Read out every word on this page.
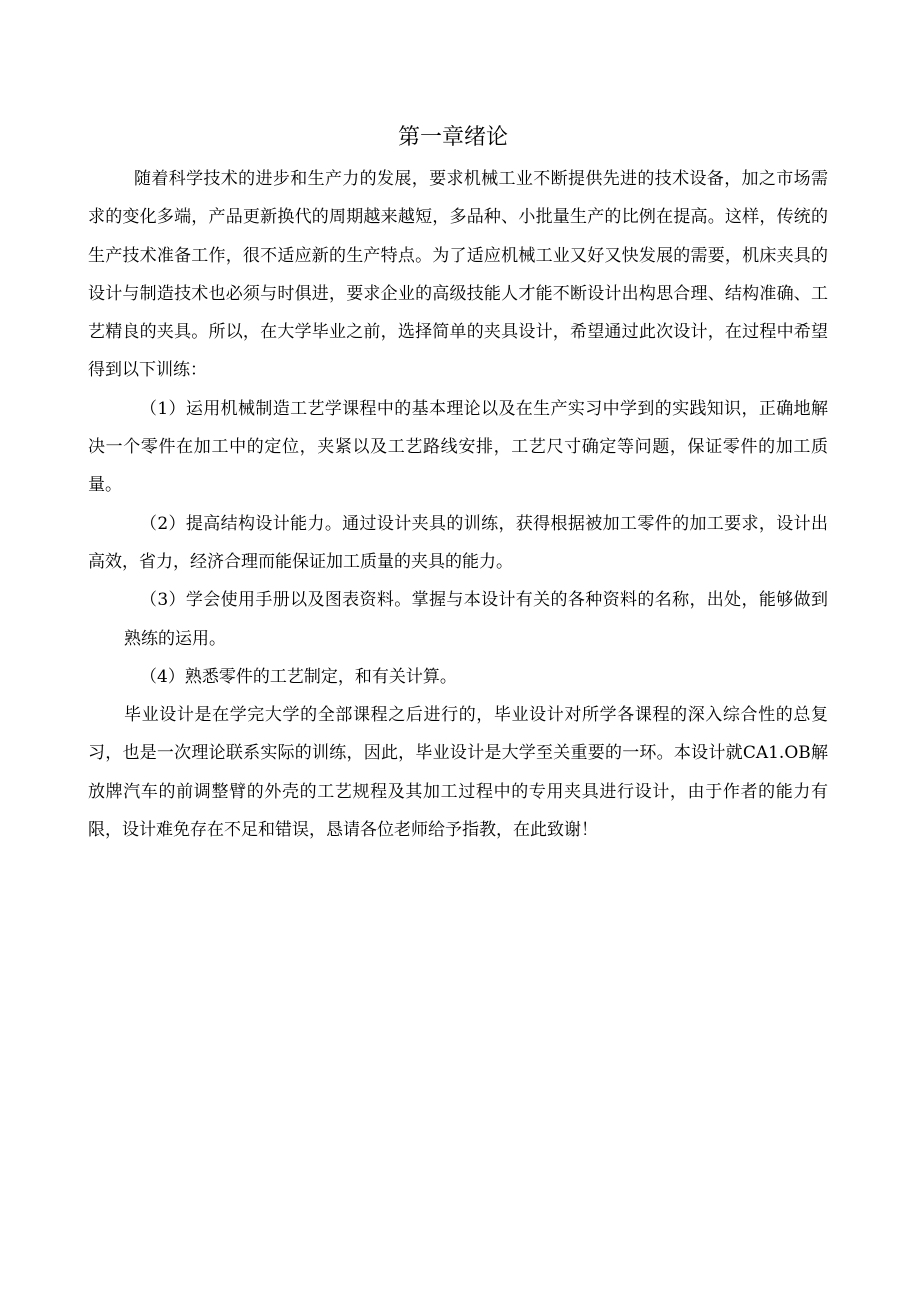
第一章绪论

随着科学技术的进步和生产力的发展，要求机械工业不断提供先进的技术设备，加之市场需求的变化多端，产品更新换代的周期越来越短，多品种、小批量生产的比例在提高。这样，传统的生产技术准备工作，很不适应新的生产特点。为了适应机械工业又好又快发展的需要，机床夹具的设计与制造技术也必须与时俱进，要求企业的高级技能人才能不断设计出构思合理、结构准确、工艺精良的夹具。所以，在大学毕业之前，选择简单的夹具设计，希望通过此次设计，在过程中希望得到以下训练：

（1）运用机械制造工艺学课程中的基本理论以及在生产实习中学到的实践知识，正确地解决一个零件在加工中的定位，夹紧以及工艺路线安排，工艺尺寸确定等问题，保证零件的加工质量。

（2）提高结构设计能力。通过设计夹具的训练，获得根据被加工零件的加工要求，设计出高效，省力，经济合理而能保证加工质量的夹具的能力。

（3）学会使用手册以及图表资料。掌握与本设计有关的各种资料的名称，出处，能够做到熟练的运用。

（4）熟悉零件的工艺制定，和有关计算。

毕业设计是在学完大学的全部课程之后进行的，毕业设计对所学各课程的深入综合性的总复习，也是一次理论联系实际的训练，因此，毕业设计是大学至关重要的一环。本设计就CA1.OB解放牌汽车的前调整臂的外壳的工艺规程及其加工过程中的专用夹具进行设计，由于作者的能力有限，设计难免存在不足和错误，恳请各位老师给予指教，在此致谢！
